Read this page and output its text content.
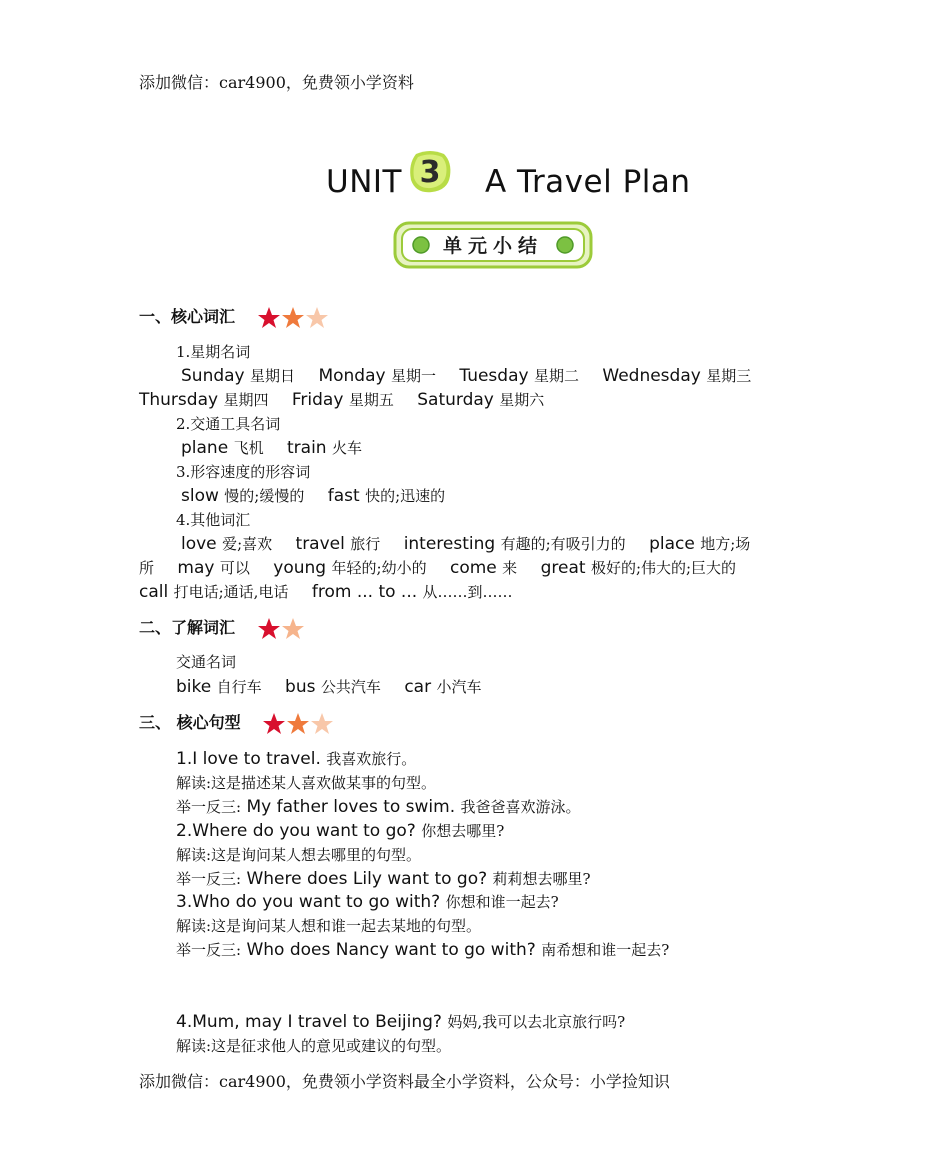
添加微信：car4900，免费领小学资料
UNIT 3 A Travel Plan
单元小结
一、核心词汇
1.星期名词
Sunday 星期日 Monday 星期一 Tuesday 星期二 Wednesday 星期三
Thursday 星期四 Friday 星期五 Saturday 星期六
2.交通工具名词
plane 飞机 train 火车
3.形容速度的形容词
slow 慢的;缓慢的 fast 快的;迅速的
4.其他词汇
love 爱;喜欢 travel 旅行 interesting 有趣的;有吸引力的 place 地方;场
所 may 可以 young 年轻的;幼小的 come 来 great 极好的;伟大的;巨大的
call 打电话;通话,电话 from ... to ... 从……到……
二、了解词汇
交通名词
bike 自行车 bus 公共汽车 car 小汽车
三、 核心句型
1.I love to travel. 我喜欢旅行。
解读:这是描述某人喜欢做某事的句型。
举一反三: My father loves to swim. 我爸爸喜欢游泳。
2.Where do you want to go? 你想去哪里?
解读:这是询问某人想去哪里的句型。
举一反三: Where does Lily want to go? 莉莉想去哪里?
3.Who do you want to go with? 你想和谁一起去?
解读:这是询问某人想和谁一起去某地的句型。
举一反三: Who does Nancy want to go with? 南希想和谁一起去?
4.Mum, may I travel to Beijing? 妈妈,我可以去北京旅行吗?
解读:这是征求他人的意见或建议的句型。
添加微信：car4900，免费领小学资料最全小学资料，公众号：小学捡知识
